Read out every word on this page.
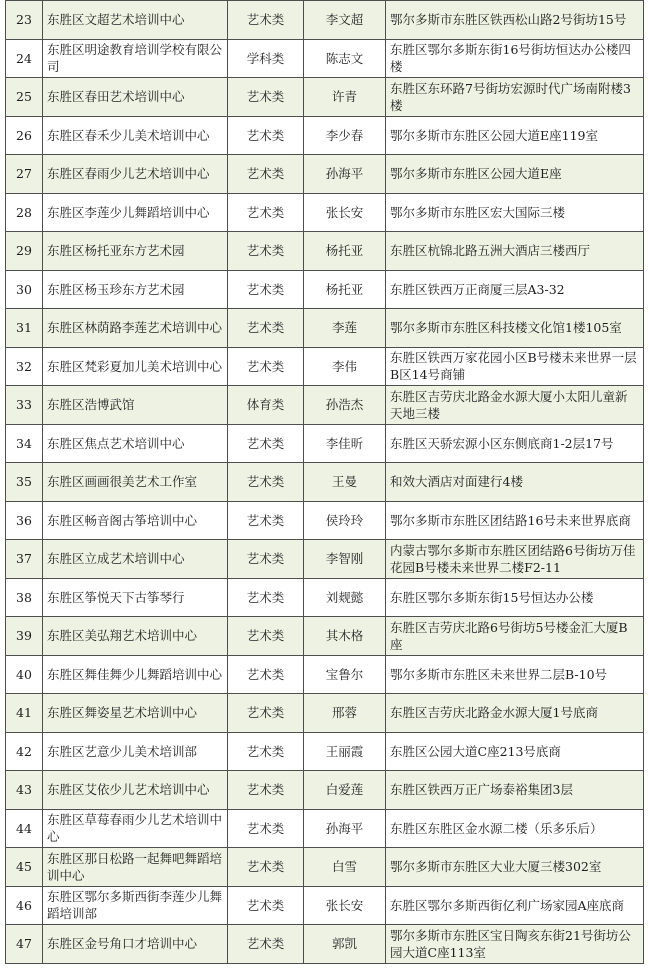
23	东胜区文超艺术培训中心	艺术类	李文超	鄂尔多斯市东胜区铁西松山路2号街坊15号
24	东胜区明途教育培训学校有限公司	学科类	陈志文	东胜区鄂尔多斯东街16号街坊恒达办公楼四楼
25	东胜区春田艺术培训中心	艺术类	许青	东胜区东环路7号街坊宏源时代广场南附楼3楼
26	东胜区春禾少儿美术培训中心	艺术类	李少春	鄂尔多斯市东胜区公园大道E座119室
27	东胜区春雨少儿艺术培训中心	艺术类	孙海平	鄂尔多斯市东胜区公园大道E座
28	东胜区李莲少儿舞蹈培训中心	艺术类	张长安	鄂尔多斯市东胜区宏大国际三楼
29	东胜区杨托亚东方艺术园	艺术类	杨托亚	东胜区杭锦北路五洲大酒店三楼西厅
30	东胜区杨玉珍东方艺术园	艺术类	杨托亚	东胜区铁西万正商厦三层A3-32
31	东胜区林荫路李莲艺术培训中心	艺术类	李莲	鄂尔多斯市东胜区科技楼文化馆1楼105室
32	东胜区梵彩夏加儿美术培训中心	艺术类	李伟	东胜区铁西万家花园小区B号楼未来世界一层B区14号商铺
33	东胜区浩博武馆	体育类	孙浩杰	东胜区吉劳庆北路金水源大厦小太阳儿童新天地三楼
34	东胜区焦点艺术培训中心	艺术类	李佳昕	东胜区天骄宏源小区东侧底商1-2层17号
35	东胜区画画很美艺术工作室	艺术类	王曼	和效大酒店对面建行4楼
36	东胜区畅音阁古筝培训中心	艺术类	侯玲玲	鄂尔多斯市东胜区团结路16号未来世界底商
37	东胜区立成艺术培训中心	艺术类	李智刚	内蒙古鄂尔多斯市东胜区团结路6号街坊万佳花园B号楼未来世界二楼F2-11
38	东胜区筝悦天下古筝琴行	艺术类	刘觌懿	东胜区鄂尔多斯东街15号恒达办公楼
39	东胜区美弘翔艺术培训中心	艺术类	其木格	东胜区吉劳庆北路6号街坊5号楼金汇大厦B座
40	东胜区舞佳舞少儿舞蹈培训中心	艺术类	宝鲁尔	鄂尔多斯市东胜区未来世界二层B-10号
41	东胜区舞姿星艺术培训中心	艺术类	邢蓉	东胜区吉劳庆北路金水源大厦1号底商
42	东胜区艺意少儿美术培训部	艺术类	王丽霞	东胜区公园大道C座213号底商
43	东胜区艾依少儿艺术培训中心	艺术类	白爱莲	东胜区铁西万正广场泰裕集团3层
44	东胜区草莓春雨少儿艺术培训中心	艺术类	孙海平	东胜区东胜区金水源二楼（乐多乐后）
45	东胜区那日松路一起舞吧舞蹈培训中心	艺术类	白雪	鄂尔多斯市东胜区大业大厦三楼302室
46	东胜区鄂尔多斯西街李莲少儿舞蹈培训部	艺术类	张长安	东胜区鄂尔多斯西街亿利广场家园A座底商
47	东胜区金号角口才培训中心	艺术类	郭凯	鄂尔多斯市东胜区宝日陶亥东街21号街坊公园大道C座113室
